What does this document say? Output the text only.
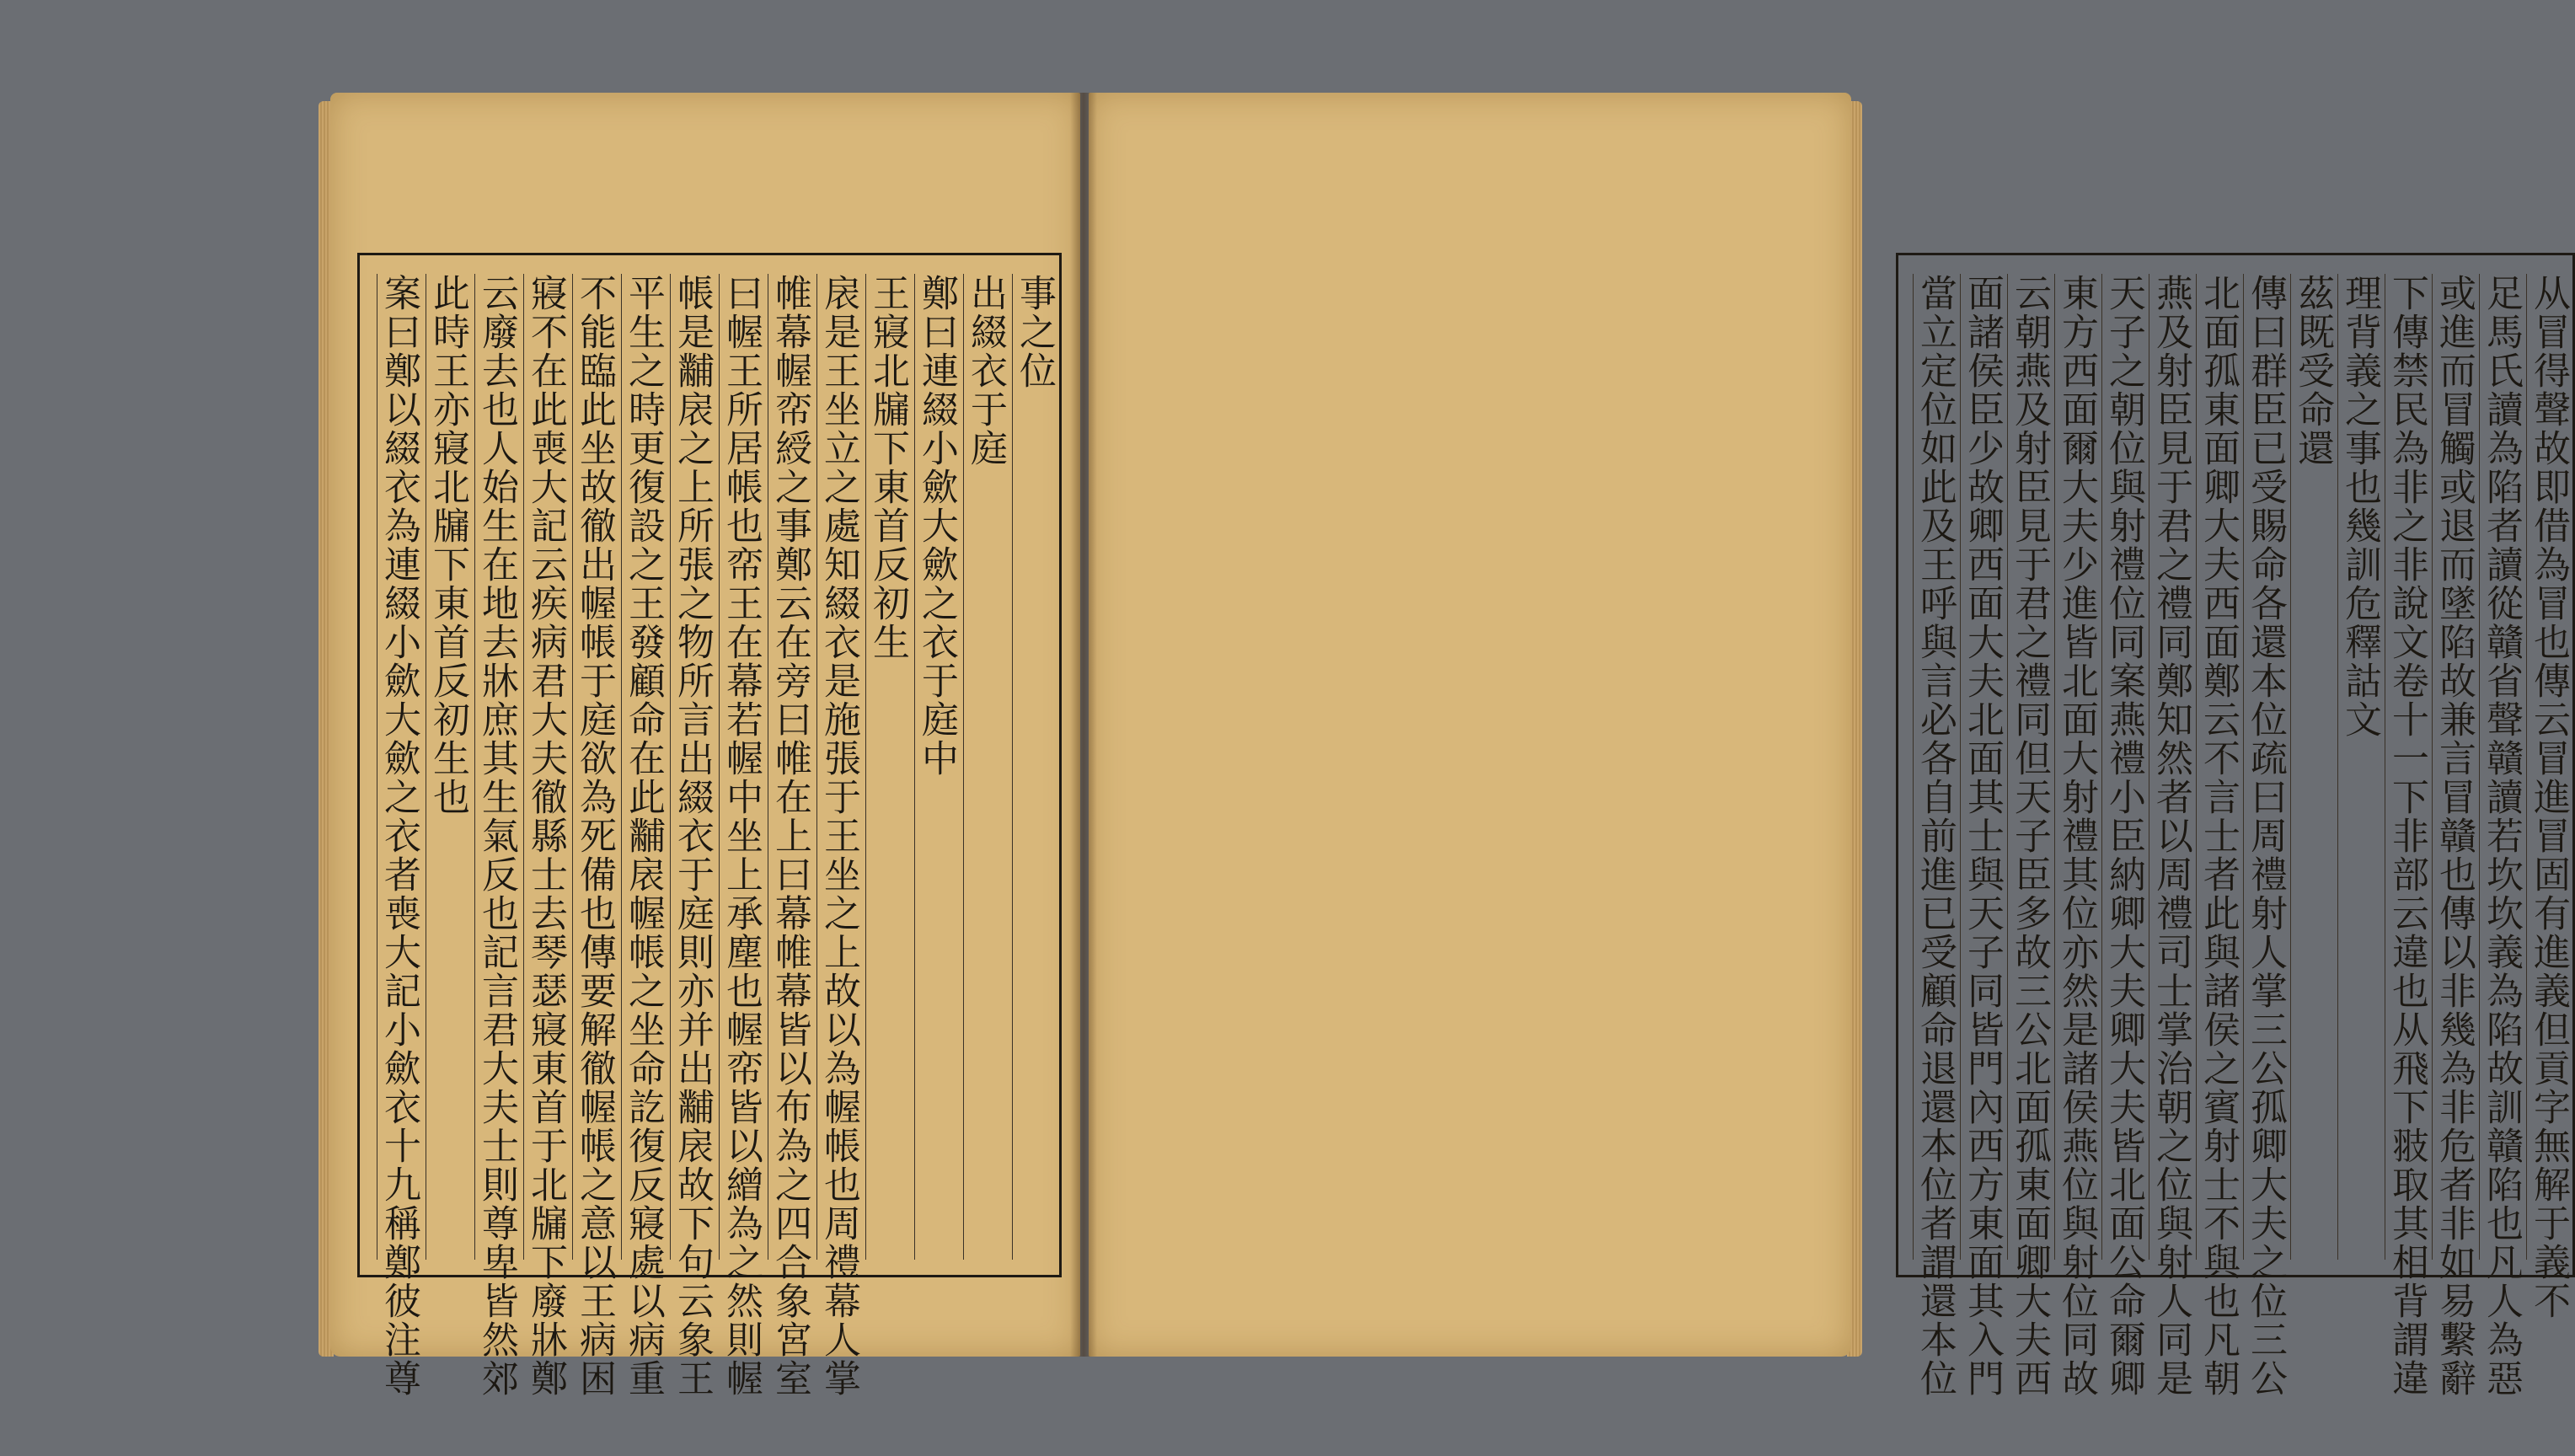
事之位
出綴衣于庭
鄭曰連綴小歛大歛之衣于庭中
王寢北牖下東首反初生
扆是王坐立之處知綴衣是施張于王坐之上故以為幄帳也周禮幕人掌
帷幕幄帟綬之事鄭云在旁曰帷在上曰幕帷幕皆以布為之四合象宮室
曰幄王所居帳也帟王在幕若幄中坐上承塵也幄帟皆以繒為之然則幄
帳是黼扆之上所張之物所言出綴衣于庭則亦并出黼扆故下句云象王
平生之時更復設之王發顧命在此黼扆幄帳之坐命訖復反寢處以病重
不能臨此坐故徹出幄帳于庭欲為死備也傳要解徹幄帳之意以王病困
寢不在此喪大記云疾病君大夫徹縣士去琴瑟寢東首于北牖下廢牀鄭
云廢去也人始生在地去牀庶其生氣反也記言君大夫士則尊卑皆然郊
此時王亦寢北牖下東首反初生也
案曰鄭以綴衣為連綴小歛大歛之衣者喪大記小歛衣十九稱鄭彼注尊	从冒得聲故即借為冒也傳云冒進冒固有進義但貢字無解于義不
足馬氏讀為陷者讀從贛省聲贛讀若坎坎義為陷故訓贛陷也凡人為惡
或進而冒觸或退而墜陷故兼言冒贛也傳以非幾為非危者非如易繫辭
下傳禁民為非之非說文卷十一下非部云違也从飛下翄取其相背謂違
理背義之事也幾訓危釋詁文
茲既受命還
傳曰群臣已受賜命各還本位疏曰周禮射人掌三公孤卿大夫之位三公
北面孤東面卿大夫西面鄭云不言士者此與諸侯之賓射士不與也凡朝
燕及射臣見于君之禮同鄭知然者以周禮司士掌治朝之位與射人同是
天子之朝位與射禮位同案燕禮小臣納卿大夫卿大夫皆北面公命爾卿
東方西面爾大夫少進皆北面大射禮其位亦然是諸侯燕位與射位同故
云朝燕及射臣見于君之禮同但天子臣多故三公北面孤東面卿大夫西
面諸侯臣少故卿西面大夫北面其士與天子同皆門內西方東面其入門
當立定位如此及王呼與言必各自前進已受顧命退還本位者謂還本位
